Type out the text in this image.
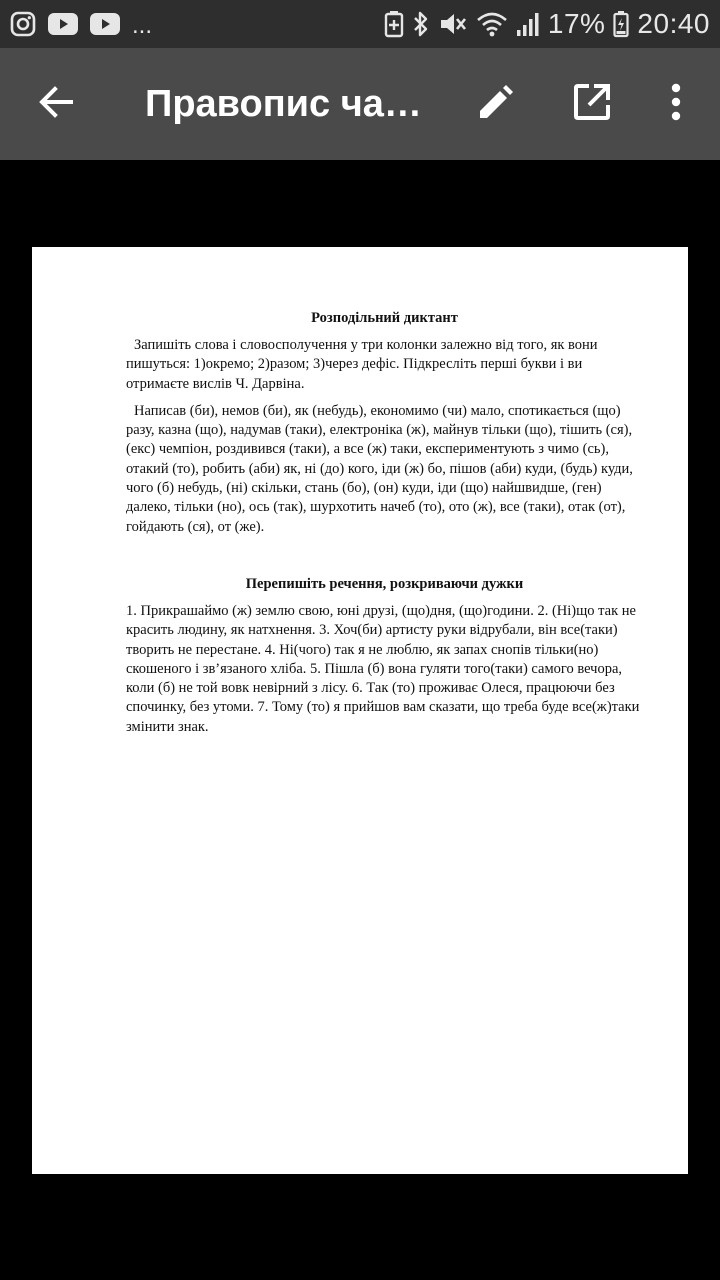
...	17% 20:40
Правопис ча…
Розподільний диктант

Запишіть слова і словосполучення у три колонки залежно від того, як вони пишуться: 1)окремо; 2)разом; 3)через дефіс. Підкресліть перші букви і ви отримаєте вислів Ч. Дарвіна.

Написав (би), немов (би), як (небудь), економимо (чи) мало, спотикається (що) разу, казна (що), надумав (таки), електроніка (ж), майнув тільки (що), тішить (ся), (екс) чемпіон, роздивився (таки), а все (ж) таки, експериментують з чимо (сь), отакий (то), робить (аби) як, ні (до) кого, іди (ж) бо, пішов (аби) куди, (будь) куди, чого (б) небудь, (ні) скільки, стань (бо), (он) куди, іди (що) найшвидше, (ген) далеко, тільки (но), ось (так), шурхотить начеб (то), ото (ж), все (таки), отак (от), гойдають (ся), от (же).

Перепишіть речення, розкриваючи дужки

1. Прикрашаймо (ж) землю свою, юні друзі, (що)дня, (що)години. 2. (Ні)що так не красить людину, як натхнення. 3. Хоч(би) артисту руки відрубали, він все(таки) творить не перестане. 4. Ні(чого) так я не люблю, як запах снопів тільки(но) скошеного і зв’язаного хліба. 5. Пішла (б) вона гуляти того(таки) самого вечора, коли (б) не той вовк невірний з лісу. 6. Так (то) проживає Олеся, працюючи без спочинку, без утоми. 7. Тому (то) я прийшов вам сказати, що треба буде все(ж)таки змінити знак.
